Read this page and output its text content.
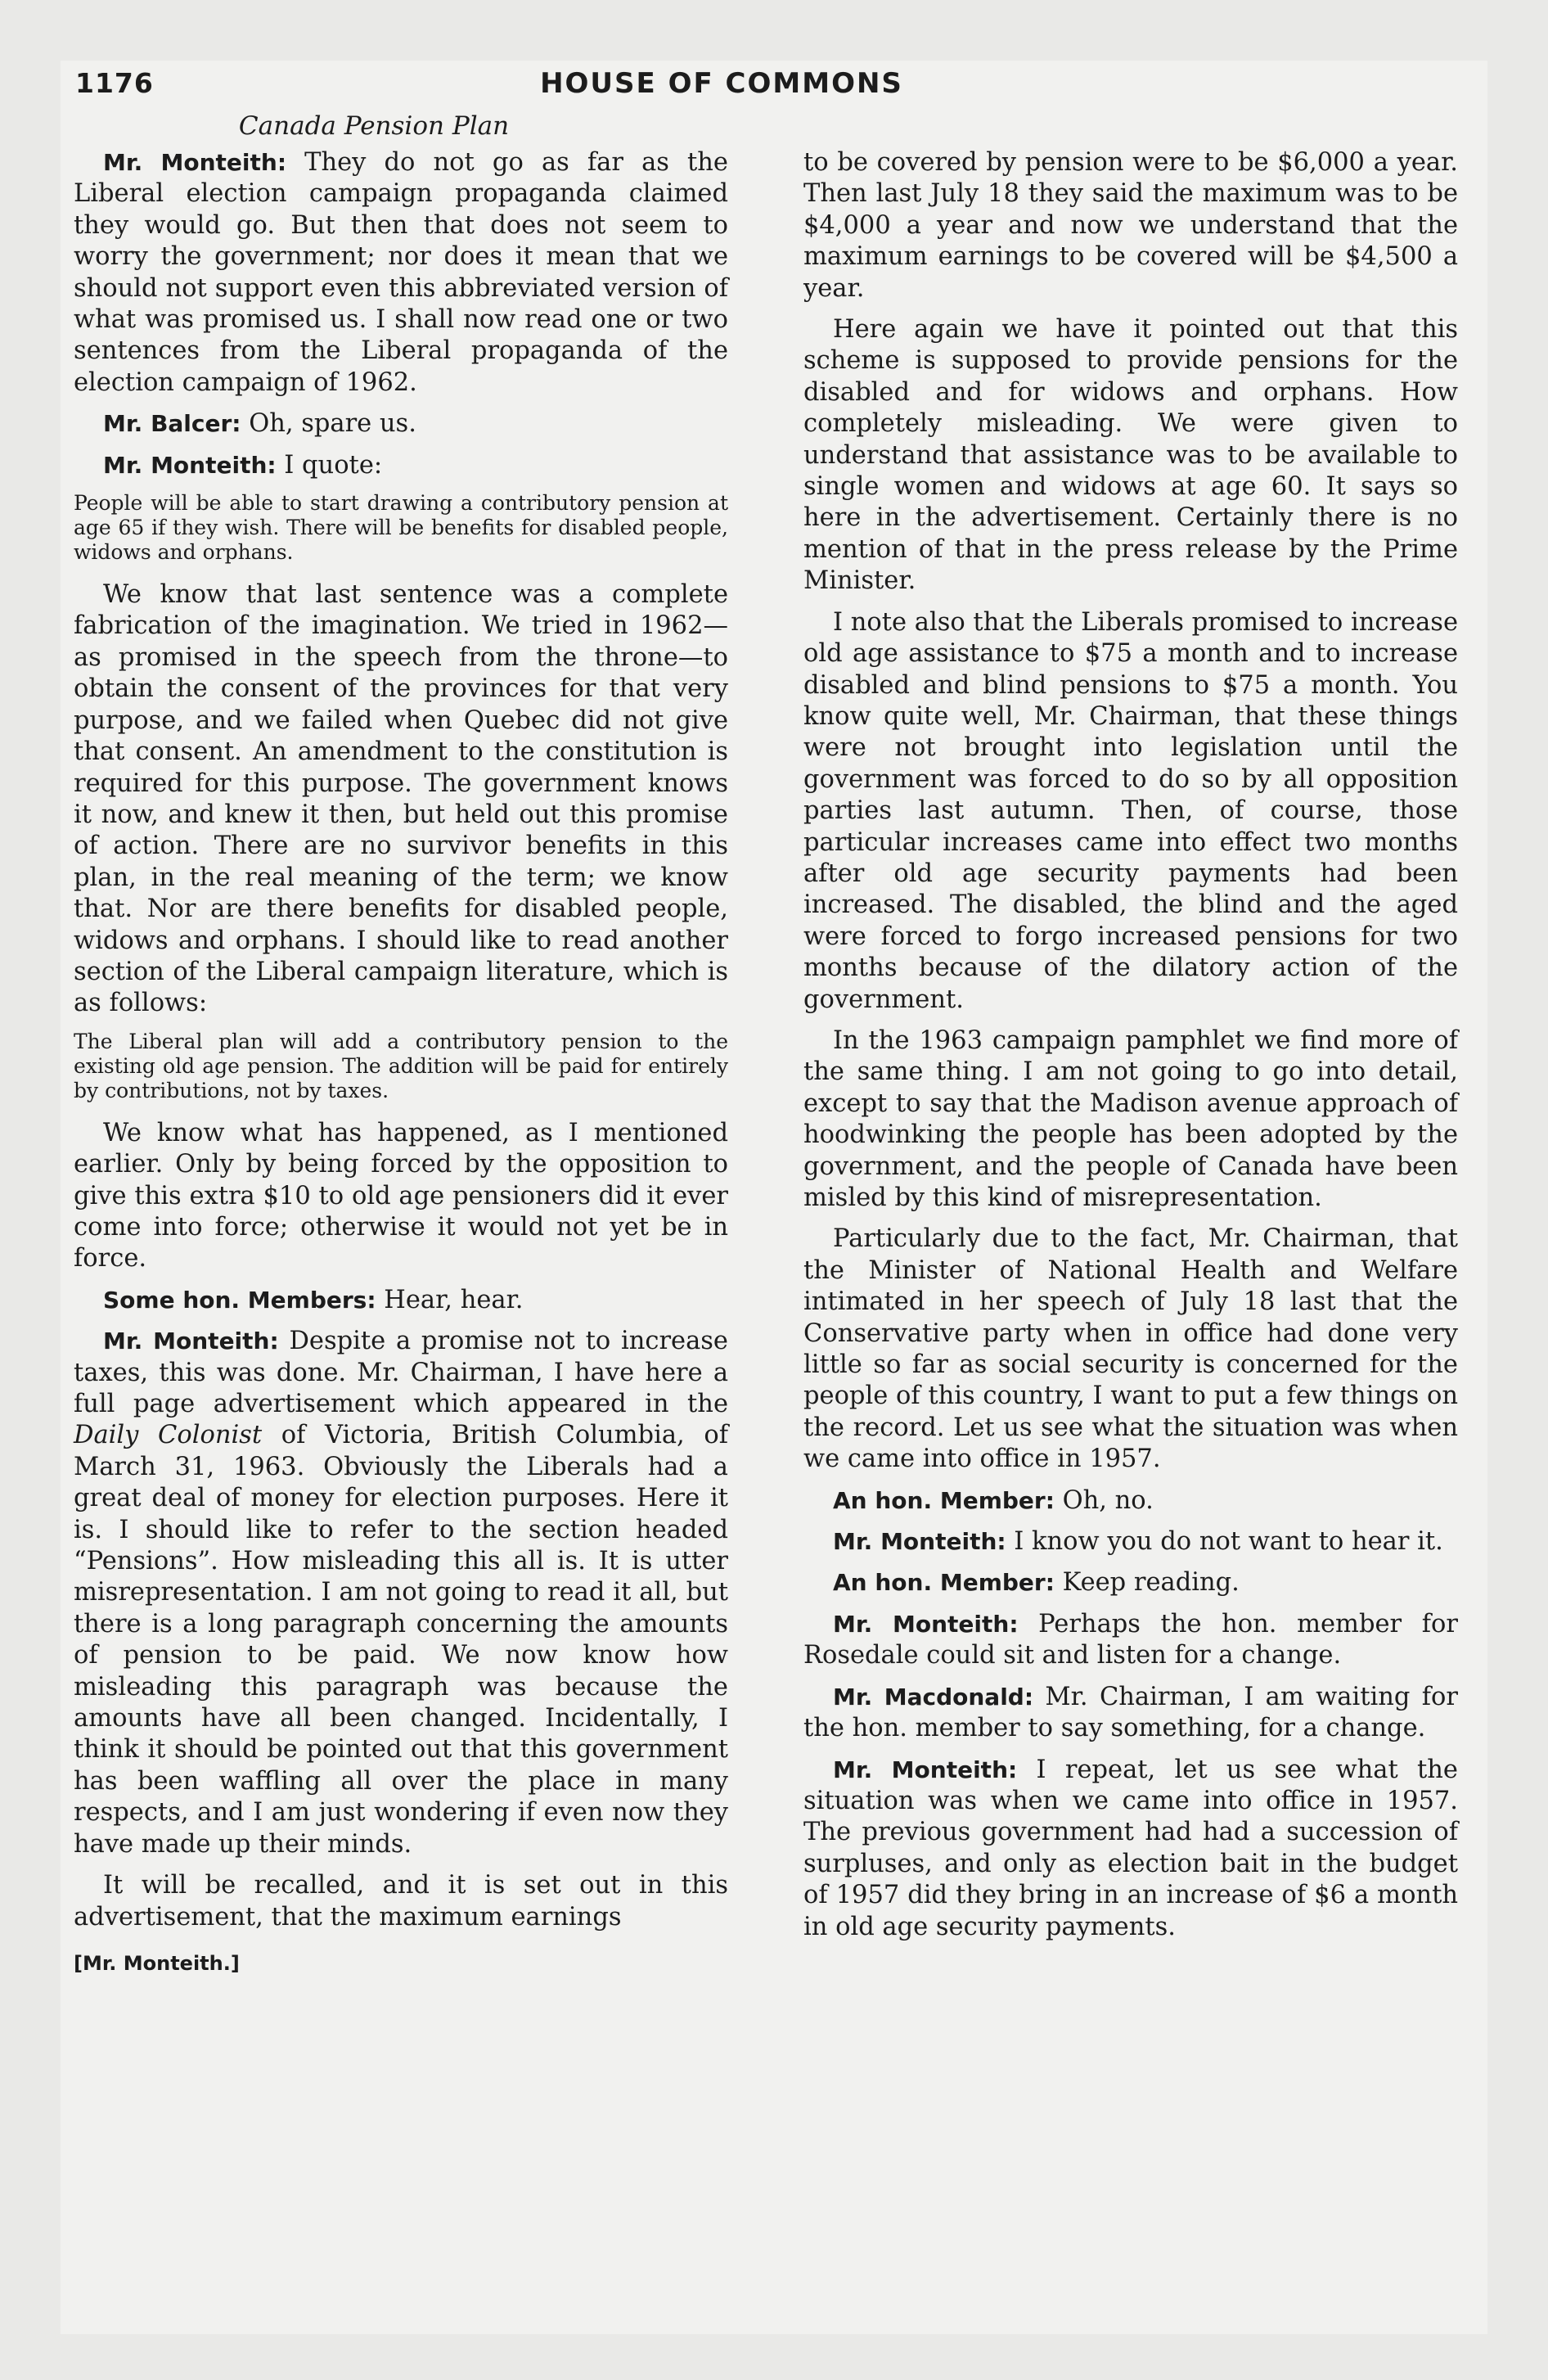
1176	HOUSE OF COMMONS
Canada Pension Plan

Mr. Monteith: They do not go as far as the Liberal election campaign propaganda claimed they would go. But then that does not seem to worry the government; nor does it mean that we should not support even this abbreviated version of what was promised us. I shall now read one or two sentences from the Liberal propaganda of the election campaign of 1962.

Mr. Balcer: Oh, spare us.

Mr. Monteith: I quote:

People will be able to start drawing a contributory pension at age 65 if they wish. There will be benefits for disabled people, widows and orphans.

We know that last sentence was a complete fabrication of the imagination. We tried in 1962—as promised in the speech from the throne—to obtain the consent of the provinces for that very purpose, and we failed when Quebec did not give that consent. An amendment to the constitution is required for this purpose. The government knows it now, and knew it then, but held out this promise of action. There are no survivor benefits in this plan, in the real meaning of the term; we know that. Nor are there benefits for disabled people, widows and orphans. I should like to read another section of the Liberal campaign literature, which is as follows:

The Liberal plan will add a contributory pension to the existing old age pension. The addition will be paid for entirely by contributions, not by taxes.

We know what has happened, as I mentioned earlier. Only by being forced by the opposition to give this extra $10 to old age pensioners did it ever come into force; otherwise it would not yet be in force.

Some hon. Members: Hear, hear.

Mr. Monteith: Despite a promise not to increase taxes, this was done. Mr. Chairman, I have here a full page advertisement which appeared in the Daily Colonist of Victoria, British Columbia, of March 31, 1963. Obviously the Liberals had a great deal of money for election purposes. Here it is. I should like to refer to the section headed “Pensions”. How misleading this all is. It is utter misrepresentation. I am not going to read it all, but there is a long paragraph concerning the amounts of pension to be paid. We now know how misleading this paragraph was because the amounts have all been changed. Incidentally, I think it should be pointed out that this government has been waffling all over the place in many respects, and I am just wondering if even now they have made up their minds.

It will be recalled, and it is set out in this advertisement, that the maximum earnings

[Mr. Monteith.]

to be covered by pension were to be $6,000 a year. Then last July 18 they said the maximum was to be $4,000 a year and now we understand that the maximum earnings to be covered will be $4,500 a year.

Here again we have it pointed out that this scheme is supposed to provide pensions for the disabled and for widows and orphans. How completely misleading. We were given to understand that assistance was to be available to single women and widows at age 60. It says so here in the advertisement. Certainly there is no mention of that in the press release by the Prime Minister.

I note also that the Liberals promised to increase old age assistance to $75 a month and to increase disabled and blind pensions to $75 a month. You know quite well, Mr. Chairman, that these things were not brought into legislation until the government was forced to do so by all opposition parties last autumn. Then, of course, those particular increases came into effect two months after old age security payments had been increased. The disabled, the blind and the aged were forced to forgo increased pensions for two months because of the dilatory action of the government.

In the 1963 campaign pamphlet we find more of the same thing. I am not going to go into detail, except to say that the Madison avenue approach of hoodwinking the people has been adopted by the government, and the people of Canada have been misled by this kind of misrepresentation.

Particularly due to the fact, Mr. Chairman, that the Minister of National Health and Welfare intimated in her speech of July 18 last that the Conservative party when in office had done very little so far as social security is concerned for the people of this country, I want to put a few things on the record. Let us see what the situation was when we came into office in 1957.

An hon. Member: Oh, no.

Mr. Monteith: I know you do not want to hear it.

An hon. Member: Keep reading.

Mr. Monteith: Perhaps the hon. member for Rosedale could sit and listen for a change.

Mr. Macdonald: Mr. Chairman, I am waiting for the hon. member to say something, for a change.

Mr. Monteith: I repeat, let us see what the situation was when we came into office in 1957. The previous government had had a succession of surpluses, and only as election bait in the budget of 1957 did they bring in an increase of $6 a month in old age security payments.
